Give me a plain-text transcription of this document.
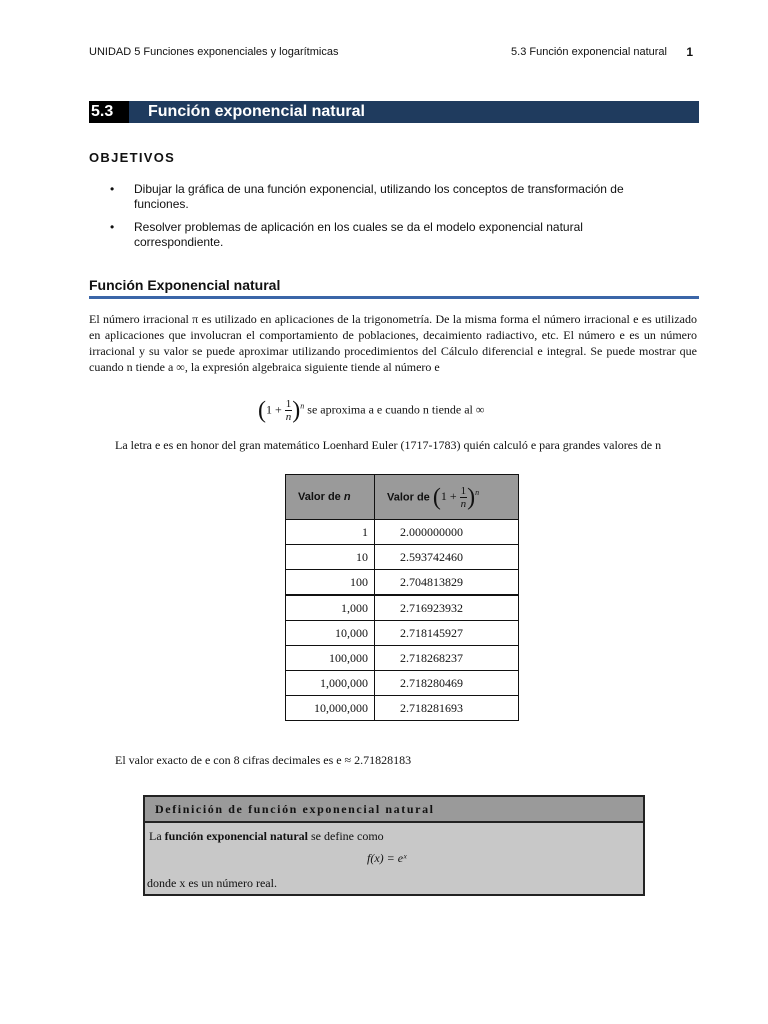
UNIDAD 5 Funciones exponenciales y logarítmicas	5.3 Función exponencial natural 1
5.3	Función exponencial natural
OBJETIVOS
• Dibujar la gráfica de una función exponencial, utilizando los conceptos de transformación de funciones.
• Resolver problemas de aplicación en los cuales se da el modelo exponencial natural correspondiente.
Función Exponencial natural
El número irracional π es utilizado en aplicaciones de la trigonometría. De la misma forma el número irracional e es utilizado en aplicaciones que involucran el comportamiento de poblaciones, decaimiento radiactivo, etc. El número e es un número irracional y su valor se puede aproximar utilizando procedimientos del Cálculo diferencial e integral. Se puede mostrar que cuando n tiende a ∞, la expresión algebraica siguiente tiende al número e
$(1 + \frac{1}{n} )^n$ se aproxima a e cuando n tiende al ∞
La letra e es en honor del gran matemático Loenhard Euler (1717-1783) quién calculó e para grandes valores de n
Valor de n	Valor de $(1 + \frac{1}{n} )^n$
1	2.000000000
10	2.593742460
100	2.704813829
1,000	2.716923932
10,000	2.718145927
100,000	2.718268237
1,000,000	2.718280469
10,000,000	2.718281693
El valor exacto de e con 8 cifras decimales es e ≈ 2.71828183
Definición de función exponencial natural
La función exponencial natural se define como
f(x) = eˣ
donde x es un número real.
